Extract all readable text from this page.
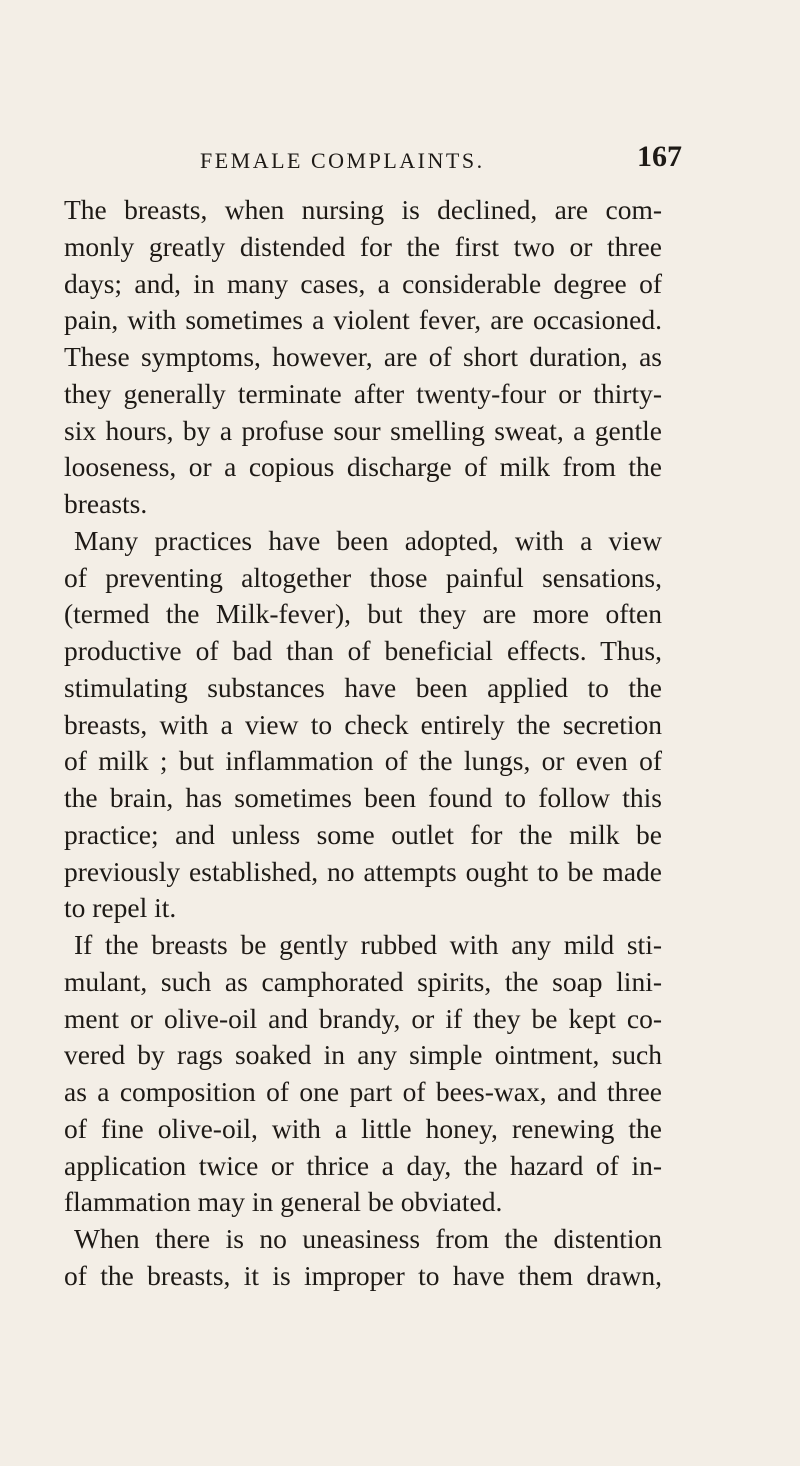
FEMALE COMPLAINTS.	167
The breasts, when nursing is declined, are com-
monly greatly distended for the first two or three
days; and, in many cases, a considerable degree of
pain, with sometimes a violent fever, are occasioned.
These symptoms, however, are of short duration, as
they generally terminate after twenty-four or thirty-
six hours, by a profuse sour smelling sweat, a gentle
looseness, or a copious discharge of milk from the
breasts.
Many practices have been adopted, with a view
of preventing altogether those painful sensations,
(termed the Milk-fever), but they are more often
productive of bad than of beneficial effects. Thus,
stimulating substances have been applied to the
breasts, with a view to check entirely the secretion
of milk ; but inflammation of the lungs, or even of
the brain, has sometimes been found to follow this
practice; and unless some outlet for the milk be
previously established, no attempts ought to be made
to repel it.
If the breasts be gently rubbed with any mild sti-
mulant, such as camphorated spirits, the soap lini-
ment or olive-oil and brandy, or if they be kept co-
vered by rags soaked in any simple ointment, such
as a composition of one part of bees-wax, and three
of fine olive-oil, with a little honey, renewing the
application twice or thrice a day, the hazard of in-
flammation may in general be obviated.
When there is no uneasiness from the distention
of the breasts, it is improper to have them drawn,
